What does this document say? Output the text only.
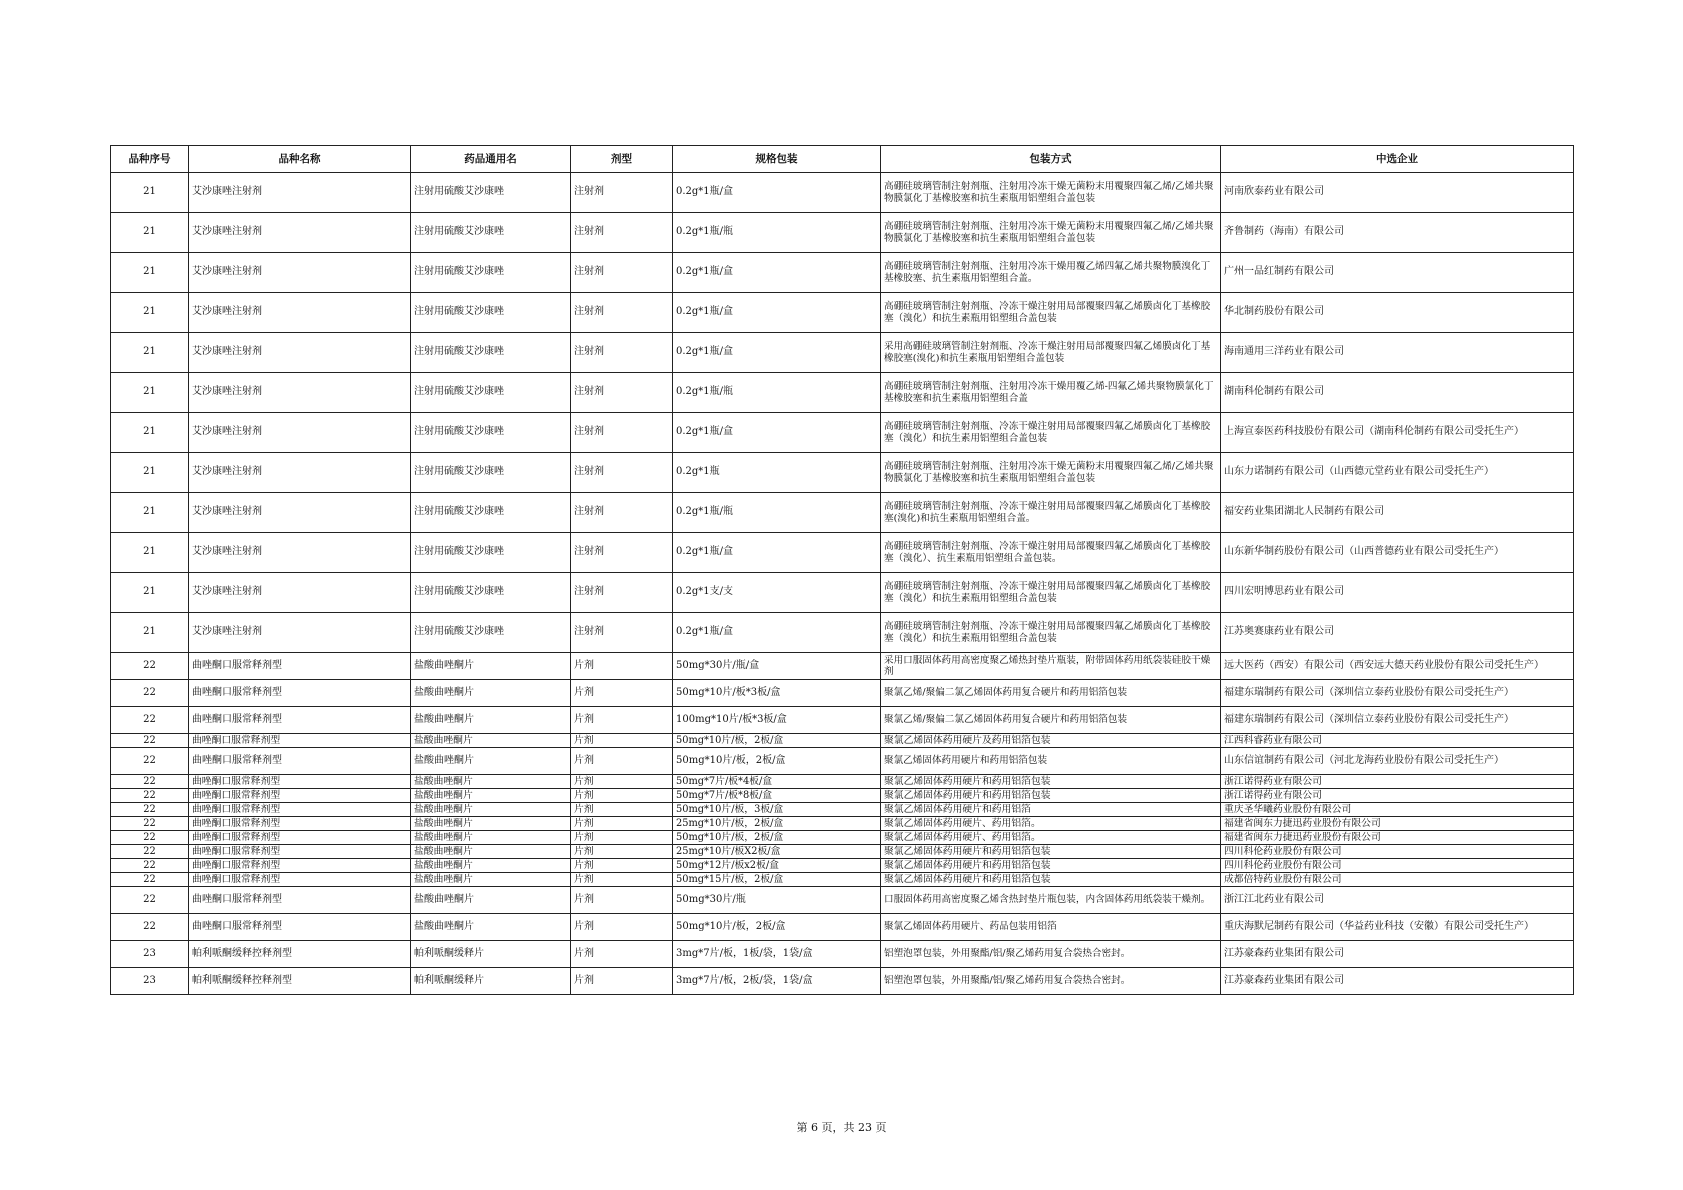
品种序号	品种名称	药品通用名	剂型	规格包装	包装方式	中选企业
21	艾沙康唑注射剂	注射用硫酸艾沙康唑	注射剂	0.2g*1瓶/盒	高硼硅玻璃管制注射剂瓶、注射用冷冻干燥无菌粉末用覆聚四氟乙烯/乙烯共聚物膜氯化丁基橡胶塞和抗生素瓶用铝塑组合盖包装	河南欣泰药业有限公司
21	艾沙康唑注射剂	注射用硫酸艾沙康唑	注射剂	0.2g*1瓶/瓶	高硼硅玻璃管制注射剂瓶、注射用冷冻干燥无菌粉末用覆聚四氟乙烯/乙烯共聚物膜氯化丁基橡胶塞和抗生素瓶用铝塑组合盖包装	齐鲁制药（海南）有限公司
21	艾沙康唑注射剂	注射用硫酸艾沙康唑	注射剂	0.2g*1瓶/盒	高硼硅玻璃管制注射剂瓶、注射用冷冻干燥用覆乙烯四氟乙烯共聚物膜溴化丁基橡胶塞、抗生素瓶用铝塑组合盖。	广州一品红制药有限公司
21	艾沙康唑注射剂	注射用硫酸艾沙康唑	注射剂	0.2g*1瓶/盒	高硼硅玻璃管制注射剂瓶、冷冻干燥注射用局部覆聚四氟乙烯膜卤化丁基橡胶塞（溴化）和抗生素瓶用铝塑组合盖包装	华北制药股份有限公司
21	艾沙康唑注射剂	注射用硫酸艾沙康唑	注射剂	0.2g*1瓶/盒	采用高硼硅玻璃管制注射剂瓶、冷冻干燥注射用局部覆聚四氟乙烯膜卤化丁基橡胶塞(溴化)和抗生素瓶用铝塑组合盖包装	海南通用三洋药业有限公司
21	艾沙康唑注射剂	注射用硫酸艾沙康唑	注射剂	0.2g*1瓶/瓶	高硼硅玻璃管制注射剂瓶、注射用冷冻干燥用覆乙烯-四氟乙烯共聚物膜氯化丁基橡胶塞和抗生素瓶用铝塑组合盖	湖南科伦制药有限公司
21	艾沙康唑注射剂	注射用硫酸艾沙康唑	注射剂	0.2g*1瓶/盒	高硼硅玻璃管制注射剂瓶、冷冻干燥注射用局部覆聚四氟乙烯膜卤化丁基橡胶塞（溴化）和抗生素用铝塑组合盖包装	上海宣泰医药科技股份有限公司（湖南科伦制药有限公司受托生产）
21	艾沙康唑注射剂	注射用硫酸艾沙康唑	注射剂	0.2g*1瓶	高硼硅玻璃管制注射剂瓶、注射用冷冻干燥无菌粉末用覆聚四氟乙烯/乙烯共聚物膜氯化丁基橡胶塞和抗生素瓶用铝塑组合盖包装	山东力诺制药有限公司（山西德元堂药业有限公司受托生产）
21	艾沙康唑注射剂	注射用硫酸艾沙康唑	注射剂	0.2g*1瓶/瓶	高硼硅玻璃管制注射剂瓶、冷冻干燥注射用局部覆聚四氟乙烯膜卤化丁基橡胶塞(溴化)和抗生素瓶用铝塑组合盖。	福安药业集团湖北人民制药有限公司
21	艾沙康唑注射剂	注射用硫酸艾沙康唑	注射剂	0.2g*1瓶/盒	高硼硅玻璃管制注射剂瓶、冷冻干燥注射用局部覆聚四氟乙烯膜卤化丁基橡胶塞（溴化）、抗生素瓶用铝塑组合盖包装。	山东新华制药股份有限公司（山西普德药业有限公司受托生产）
21	艾沙康唑注射剂	注射用硫酸艾沙康唑	注射剂	0.2g*1支/支	高硼硅玻璃管制注射剂瓶、冷冻干燥注射用局部覆聚四氟乙烯膜卤化丁基橡胶塞（溴化）和抗生素瓶用铝塑组合盖包装	四川宏明博思药业有限公司
21	艾沙康唑注射剂	注射用硫酸艾沙康唑	注射剂	0.2g*1瓶/盒	高硼硅玻璃管制注射剂瓶、冷冻干燥注射用局部覆聚四氟乙烯膜卤化丁基橡胶塞（溴化）和抗生素瓶用铝塑组合盖包装	江苏奥赛康药业有限公司
22	曲唑酮口服常释剂型	盐酸曲唑酮片	片剂	50mg*30片/瓶/盒	采用口服固体药用高密度聚乙烯热封垫片瓶装，附带固体药用纸袋装硅胶干燥剂	远大医药（西安）有限公司（西安远大德天药业股份有限公司受托生产）
22	曲唑酮口服常释剂型	盐酸曲唑酮片	片剂	50mg*10片/板*3板/盒	聚氯乙烯/聚偏二氯乙烯固体药用复合硬片和药用铝箔包装	福建东瑞制药有限公司（深圳信立泰药业股份有限公司受托生产）
22	曲唑酮口服常释剂型	盐酸曲唑酮片	片剂	100mg*10片/板*3板/盒	聚氯乙烯/聚偏二氯乙烯固体药用复合硬片和药用铝箔包装	福建东瑞制药有限公司（深圳信立泰药业股份有限公司受托生产）
22	曲唑酮口服常释剂型	盐酸曲唑酮片	片剂	50mg*10片/板，2板/盒	聚氯乙烯固体药用硬片及药用铝箔包装	江西科睿药业有限公司
22	曲唑酮口服常释剂型	盐酸曲唑酮片	片剂	50mg*10片/板，2板/盒	聚氯乙烯固体药用硬片和药用铝箔包装	山东信谊制药有限公司（河北龙海药业股份有限公司受托生产）
22	曲唑酮口服常释剂型	盐酸曲唑酮片	片剂	50mg*7片/板*4板/盒	聚氯乙烯固体药用硬片和药用铝箔包装	浙江诺得药业有限公司
22	曲唑酮口服常释剂型	盐酸曲唑酮片	片剂	50mg*7片/板*8板/盒	聚氯乙烯固体药用硬片和药用铝箔包装	浙江诺得药业有限公司
22	曲唑酮口服常释剂型	盐酸曲唑酮片	片剂	50mg*10片/板，3板/盒	聚氯乙烯固体药用硬片和药用铝箔	重庆圣华曦药业股份有限公司
22	曲唑酮口服常释剂型	盐酸曲唑酮片	片剂	25mg*10片/板，2板/盒	聚氯乙烯固体药用硬片、药用铝箔。	福建省闽东力捷迅药业股份有限公司
22	曲唑酮口服常释剂型	盐酸曲唑酮片	片剂	50mg*10片/板，2板/盒	聚氯乙烯固体药用硬片、药用铝箔。	福建省闽东力捷迅药业股份有限公司
22	曲唑酮口服常释剂型	盐酸曲唑酮片	片剂	25mg*10片/板X2板/盒	聚氯乙烯固体药用硬片和药用铝箔包装	四川科伦药业股份有限公司
22	曲唑酮口服常释剂型	盐酸曲唑酮片	片剂	50mg*12片/板x2板/盒	聚氯乙烯固体药用硬片和药用铝箔包装	四川科伦药业股份有限公司
22	曲唑酮口服常释剂型	盐酸曲唑酮片	片剂	50mg*15片/板，2板/盒	聚氯乙烯固体药用硬片和药用铝箔包装	成都倍特药业股份有限公司
22	曲唑酮口服常释剂型	盐酸曲唑酮片	片剂	50mg*30片/瓶	口服固体药用高密度聚乙烯含热封垫片瓶包装，内含固体药用纸袋装干燥剂。	浙江江北药业有限公司
22	曲唑酮口服常释剂型	盐酸曲唑酮片	片剂	50mg*10片/板，2板/盒	聚氯乙烯固体药用硬片、药品包装用铝箔	重庆海默尼制药有限公司（华益药业科技（安徽）有限公司受托生产）
23	帕利哌酮缓释控释剂型	帕利哌酮缓释片	片剂	3mg*7片/板，1板/袋，1袋/盒	铝塑泡罩包装，外用聚酯/铝/聚乙烯药用复合袋热合密封。	江苏豪森药业集团有限公司
23	帕利哌酮缓释控释剂型	帕利哌酮缓释片	片剂	3mg*7片/板，2板/袋，1袋/盒	铝塑泡罩包装，外用聚酯/铝/聚乙烯药用复合袋热合密封。	江苏豪森药业集团有限公司
第 6 页，共 23 页
